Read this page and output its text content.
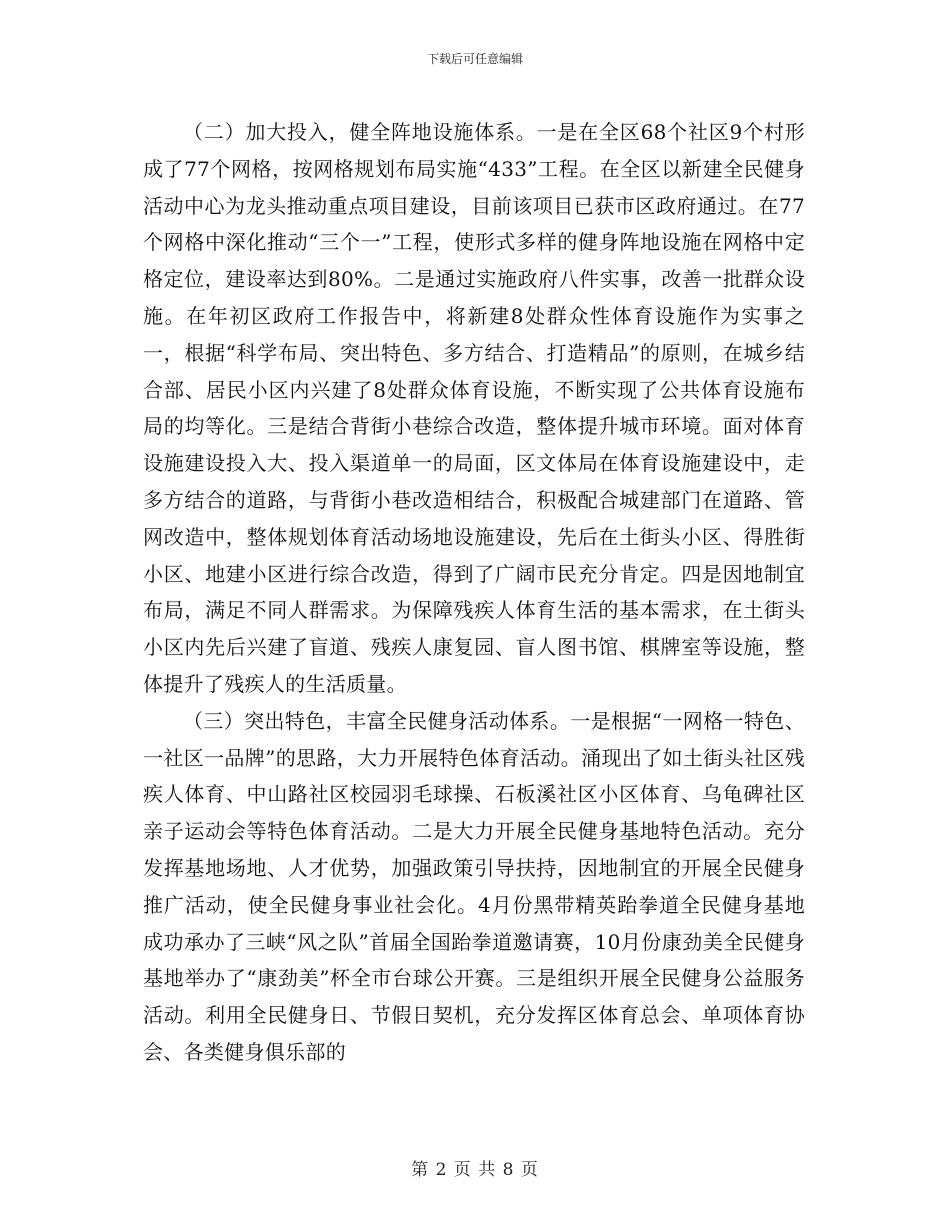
下载后可任意编辑

（二）加大投入，健全阵地设施体系。一是在全区68个社区9个村形成了77个网格，按网格规划布局实施“433”工程。在全区以新建全民健身活动中心为龙头推动重点项目建设，目前该项目已获市区政府通过。在77个网格中深化推动“三个一”工程，使形式多样的健身阵地设施在网格中定格定位，建设率达到80%。二是通过实施政府八件实事，改善一批群众设施。在年初区政府工作报告中，将新建8处群众性体育设施作为实事之一，根据“科学布局、突出特色、多方结合、打造精品”的原则，在城乡结合部、居民小区内兴建了8处群众体育设施，不断实现了公共体育设施布局的均等化。三是结合背街小巷综合改造，整体提升城市环境。面对体育设施建设投入大、投入渠道单一的局面，区文体局在体育设施建设中，走多方结合的道路，与背街小巷改造相结合，积极配合城建部门在道路、管网改造中，整体规划体育活动场地设施建设，先后在土街头小区、得胜街小区、地建小区进行综合改造，得到了广阔市民充分肯定。四是因地制宜布局，满足不同人群需求。为保障残疾人体育生活的基本需求，在土街头小区内先后兴建了盲道、残疾人康复园、盲人图书馆、棋牌室等设施，整体提升了残疾人的生活质量。

（三）突出特色，丰富全民健身活动体系。一是根据“一网格一特色、一社区一品牌”的思路，大力开展特色体育活动。涌现出了如土街头社区残疾人体育、中山路社区校园羽毛球操、石板溪社区小区体育、乌龟碑社区亲子运动会等特色体育活动。二是大力开展全民健身基地特色活动。充分发挥基地场地、人才优势，加强政策引导扶持，因地制宜的开展全民健身推广活动，使全民健身事业社会化。4月份黑带精英跆拳道全民健身基地成功承办了三峡“风之队”首届全国跆拳道邀请赛，10月份康劲美全民健身基地举办了“康劲美”杯全市台球公开赛。三是组织开展全民健身公益服务活动。利用全民健身日、节假日契机，充分发挥区体育总会、单项体育协会、各类健身俱乐部的

第 2 页 共 8 页
